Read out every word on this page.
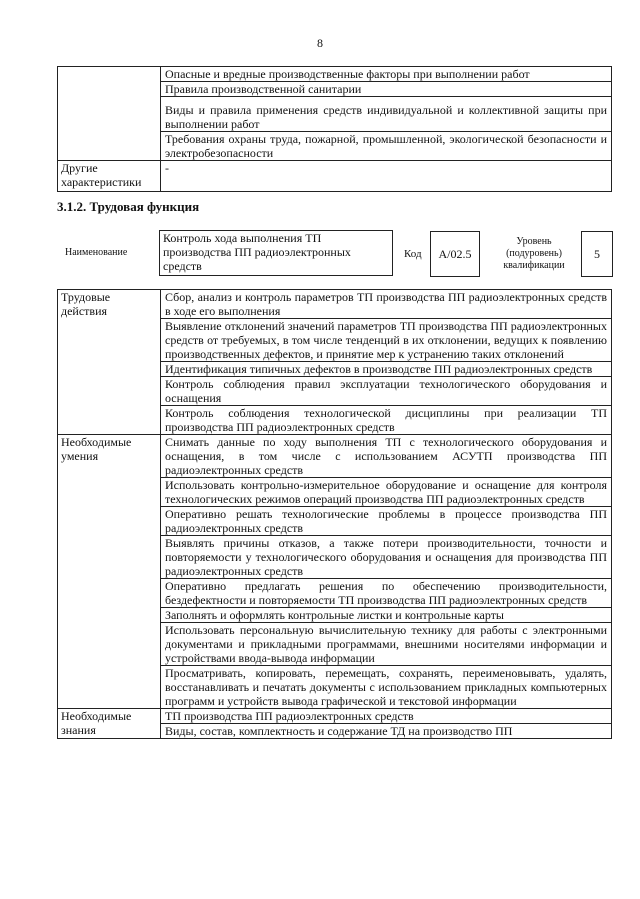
8
	Опасные и вредные производственные факторы при выполнении работ
	Правила производственной санитарии
	Виды и правила применения средств индивидуальной и коллективной защиты при выполнении работ
	Требования охраны труда, пожарной, промышленной, экологической безопасности и электробезопасности
Другие характеристики	-
3.1.2. Трудовая функция
Наименование
Контроль хода выполнения ТП производства ПП радиоэлектронных средств
Код	А/02.5
Уровень (подуровень) квалификации
5
Трудовые действия	Сбор, анализ и контроль параметров ТП производства ПП радиоэлектронных средств в ходе его выполнения
	Выявление отклонений значений параметров ТП производства ПП радиоэлектронных средств от требуемых, в том числе тенденций в их отклонении, ведущих к появлению производственных дефектов, и принятие мер к устранению таких отклонений
	Идентификация типичных дефектов в производстве ПП радиоэлектронных средств
	Контроль соблюдения правил эксплуатации технологического оборудования и оснащения
	Контроль соблюдения технологической дисциплины при реализации ТП производства ПП радиоэлектронных средств
Необходимые умения	Снимать данные по ходу выполнения ТП с технологического оборудования и оснащения, в том числе с использованием АСУТП производства ПП радиоэлектронных средств
	Использовать контрольно-измерительное оборудование и оснащение для контроля технологических режимов операций производства ПП радиоэлектронных средств
	Оперативно решать технологические проблемы в процессе производства ПП радиоэлектронных средств
	Выявлять причины отказов, а также потери производительности, точности и повторяемости у технологического оборудования и оснащения для производства ПП радиоэлектронных средств
	Оперативно предлагать решения по обеспечению производительности, бездефектности и повторяемости ТП производства ПП радиоэлектронных средств
	Заполнять и оформлять контрольные листки и контрольные карты
	Использовать персональную вычислительную технику для работы с электронными документами и прикладными программами, внешними носителями информации и устройствами ввода-вывода информации
	Просматривать, копировать, перемещать, сохранять, переименовывать, удалять, восстанавливать и печатать документы с использованием прикладных компьютерных программ и устройств вывода графической и текстовой информации
Необходимые знания	ТП производства ПП радиоэлектронных средств
	Виды, состав, комплектность и содержание ТД на производство ПП
